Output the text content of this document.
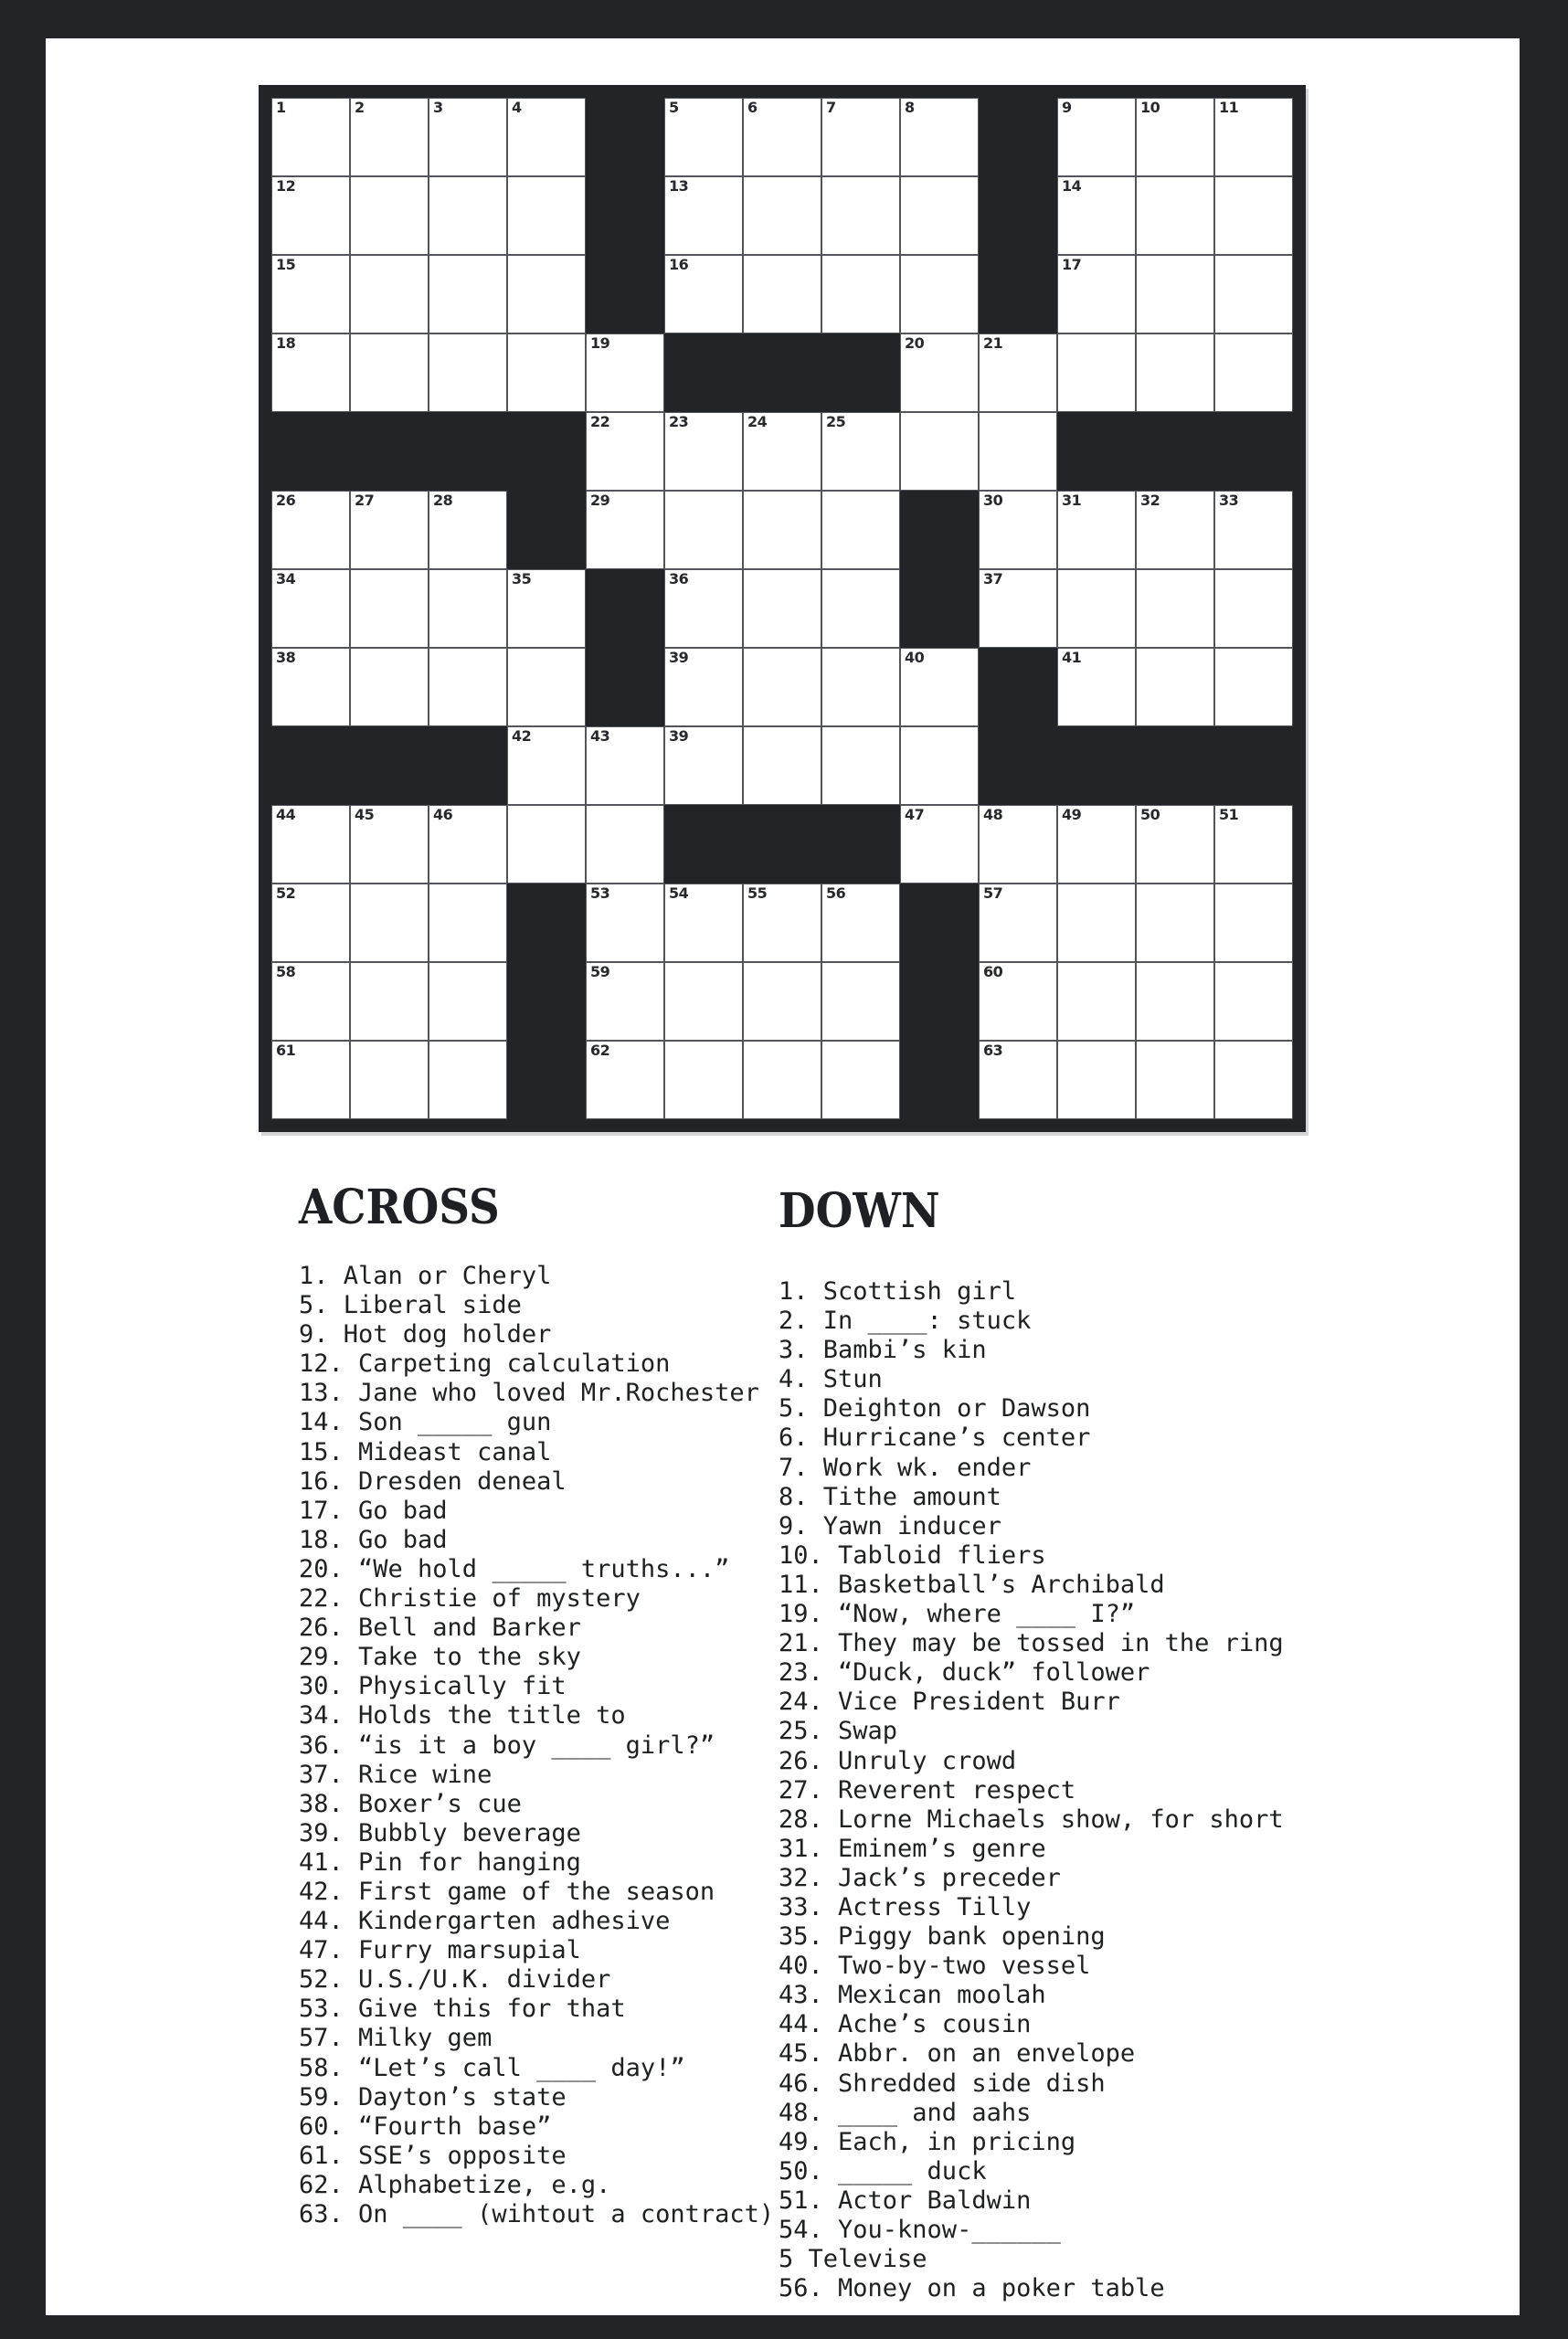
1	2	3	4	5	6	7	8	9	10	11
12	13	14
15	16	17
18	19	20	21
22	23	24	25
26	27	28	29	30	31	32	33
34	35	36	37
38	39	40	41
42	43	39
44	45	46	47	48	49	50	51
52	53	54	55	56	57
58	59	60
61	62	63
ACROSS
1. Alan or Cheryl
5. Liberal side
9. Hot dog holder
12. Carpeting calculation
13. Jane who loved Mr.Rochester
14. Son _____ gun
15. Mideast canal
16. Dresden deneal
17. Go bad
18. Go bad
20. “We hold _____ truths...”
22. Christie of mystery
26. Bell and Barker
29. Take to the sky
30. Physically fit
34. Holds the title to
36. “is it a boy ____ girl?”
37. Rice wine
38. Boxer’s cue
39. Bubbly beverage
41. Pin for hanging
42. First game of the season
44. Kindergarten adhesive
47. Furry marsupial
52. U.S./U.K. divider
53. Give this for that
57. Milky gem
58. “Let’s call ____ day!”
59. Dayton’s state
60. “Fourth base”
61. SSE’s opposite
62. Alphabetize, e.g.
63. On ____ (wihtout a contract)
DOWN
1. Scottish girl
2. In ____: stuck
3. Bambi’s kin
4. Stun
5. Deighton or Dawson
6. Hurricane’s center
7. Work wk. ender
8. Tithe amount
9. Yawn inducer
10. Tabloid fliers
11. Basketball’s Archibald
19. “Now, where ____ I?”
21. They may be tossed in the ring
23. “Duck, duck” follower
24. Vice President Burr
25. Swap
26. Unruly crowd
27. Reverent respect
28. Lorne Michaels show, for short
31. Eminem’s genre
32. Jack’s preceder
33. Actress Tilly
35. Piggy bank opening
40. Two-by-two vessel
43. Mexican moolah
44. Ache’s cousin
45. Abbr. on an envelope
46. Shredded side dish
48. ____ and aahs
49. Each, in pricing
50. _____ duck
51. Actor Baldwin
54. You-know-______
5 Televise
56. Money on a poker table
